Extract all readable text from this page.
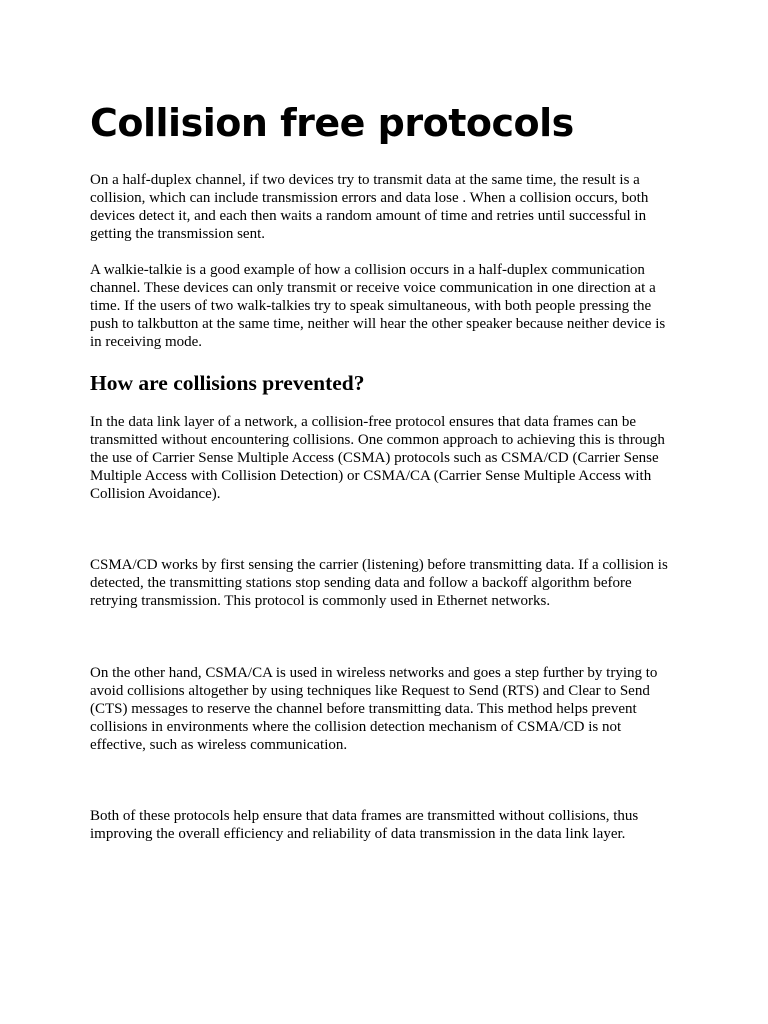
Collision free protocols

On a half-duplex channel, if two devices try to transmit data at the same time, the result is a collision, which can include transmission errors and data lose . When a collision occurs, both devices detect it, and each then waits a random amount of time and retries until successful in getting the transmission sent.

A walkie-talkie is a good example of how a collision occurs in a half-duplex communication channel. These devices can only transmit or receive voice communication in one direction at a time. If the users of two walk-talkies try to speak simultaneous, with both people pressing the push to talkbutton at the same time, neither will hear the other speaker because neither device is in receiving mode.

How are collisions prevented?

In the data link layer of a network, a collision-free protocol ensures that data frames can be transmitted without encountering collisions. One common approach to achieving this is through the use of Carrier Sense Multiple Access (CSMA) protocols such as CSMA/CD (Carrier Sense Multiple Access with Collision Detection) or CSMA/CA (Carrier Sense Multiple Access with Collision Avoidance).

CSMA/CD works by first sensing the carrier (listening) before transmitting data. If a collision is detected, the transmitting stations stop sending data and follow a backoff algorithm before retrying transmission. This protocol is commonly used in Ethernet networks.

On the other hand, CSMA/CA is used in wireless networks and goes a step further by trying to avoid collisions altogether by using techniques like Request to Send (RTS) and Clear to Send (CTS) messages to reserve the channel before transmitting data. This method helps prevent collisions in environments where the collision detection mechanism of CSMA/CD is not effective, such as wireless communication.

Both of these protocols help ensure that data frames are transmitted without collisions, thus improving the overall efficiency and reliability of data transmission in the data link layer.
